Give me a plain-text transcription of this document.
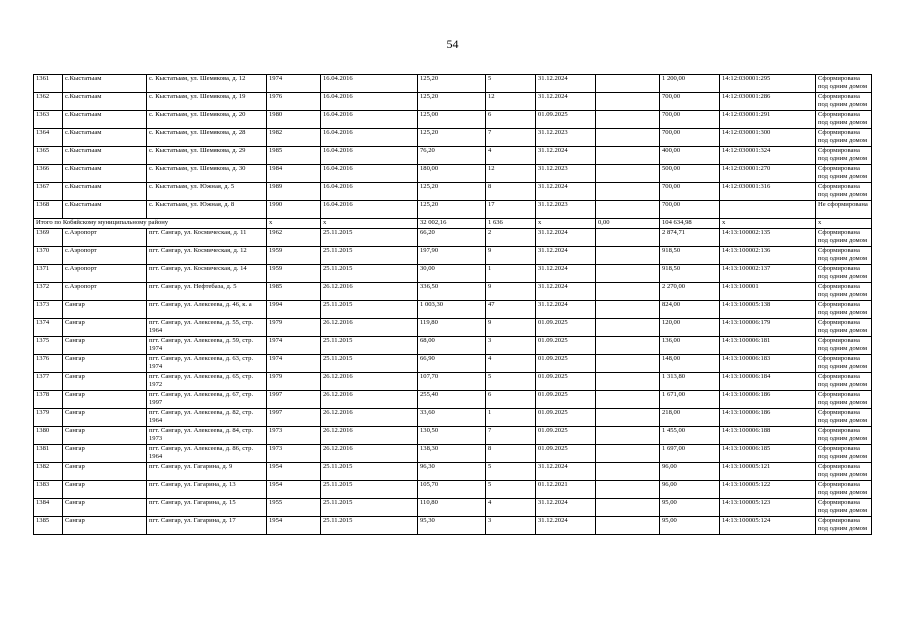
54
1361	с.Кыстатыам	с. Кыстатыам, ул. Шемякова, д. 12	1974	16.04.2016	125,20	5	31.12.2024		1 200,00	14:12:030001:295	Сформирована под одним домом
1362	с.Кыстатыам	с. Кыстатыам, ул. Шемякова, д. 19	1976	16.04.2016	125,20	12	31.12.2024		700,00	14:12:030001:286	Сформирована под одним домом
1363	с.Кыстатыам	с. Кыстатыам, ул. Шемякова, д. 20	1980	16.04.2016	125,00	6	01.09.2025		700,00	14:12:030001:291	Сформирована под одним домом
1364	с.Кыстатыам	с. Кыстатыам, ул. Шемякова, д. 28	1982	16.04.2016	125,20	7	31.12.2023		700,00	14:12:030001:300	Сформирована под одним домом
1365	с.Кыстатыам	с. Кыстатыам, ул. Шемякова, д. 29	1985	16.04.2016	76,20	4	31.12.2024		400,00	14:12:030001:324	Сформирована под одним домом
1366	с.Кыстатыам	с. Кыстатыам, ул. Шемякова, д. 30	1984	16.04.2016	180,00	12	31.12.2023		500,00	14:12:030001:270	Сформирована под одним домом
1367	с.Кыстатыам	с. Кыстатыам, ул. Южная, д. 5	1989	16.04.2016	125,20	8	31.12.2024		700,00	14:12:030001:316	Сформирована под одним домом
1368	с.Кыстатыам	с. Кыстатыам, ул. Южная, д. 8	1990	16.04.2016	125,20	17	31.12.2023		700,00		Не сформирована
Итого по Кобяйскому муниципальному району			x	x	32 002,16	1 636	x	0,00	104 634,98	x	x
1369	с.Аэропорт	пгт. Сангар, ул. Космическая, д. 11	1962	25.11.2015	66,20	2	31.12.2024		2 874,71	14:13:100002:135	Сформирована под одним домом
1370	с.Аэропорт	пгт. Сангар, ул. Космическая, д. 12	1959	25.11.2015	197,90	9	31.12.2024		918,50	14:13:100002:136	Сформирована под одним домом
1371	с.Аэропорт	пгт. Сангар, ул. Космическая, д. 14	1959	25.11.2015	30,00	1	31.12.2024		918,50	14:13:100002:137	Сформирована под одним домом
1372	с.Аэропорт	пгт. Сангар, ул. Нефтебаза, д. 5	1985	26.12.2016	336,50	9	31.12.2024		2 270,00	14:13:100001	Сформирована под одним домом
1373	Сангар	пгт. Сангар, ул. Алексеева, д. 46, к. а	1994	25.11.2015	1 003,30	47	31.12.2024		824,00	14:13:100005:138	Сформирована под одним домом
1374	Сангар	пгт. Сангар, ул. Алексеева, д. 55, стр. 1964	1979	26.12.2016	119,80	9	01.09.2025		120,00	14:13:100006:179	Сформирована под одним домом
1375	Сангар	пгт. Сангар, ул. Алексеева, д. 59, стр. 1974	1974	25.11.2015	68,00	3	01.09.2025		136,00	14:13:100006:181	Сформирована под одним домом
1376	Сангар	пгт. Сангар, ул. Алексеева, д. 63, стр. 1974	1974	25.11.2015	66,90	4	01.09.2025		148,00	14:13:100006:183	Сформирована под одним домом
1377	Сангар	пгт. Сангар, ул. Алексеева, д. 65, стр. 1972	1979	26.12.2016	107,70	5	01.09.2025		1 313,80	14:13:100006:184	Сформирована под одним домом
1378	Сангар	пгт. Сангар, ул. Алексеева, д. 67, стр. 1997	1997	26.12.2016	255,40	6	01.09.2025		1 671,00	14:13:100006:186	Сформирована под одним домом
1379	Сангар	пгт. Сангар, ул. Алексеева, д. 82, стр. 1964	1997	26.12.2016	33,60	1	01.09.2025		218,00	14:13:100006:186	Сформирована под одним домом
1380	Сангар	пгт. Сангар, ул. Алексеева, д. 84, стр. 1973	1973	26.12.2016	130,50	7	01.09.2025		1 455,00	14:13:100006:188	Сформирована под одним домом
1381	Сангар	пгт. Сангар, ул. Алексеева, д. 86, стр. 1964	1973	26.12.2016	138,30	8	01.09.2025		1 697,00	14:13:100006:185	Сформирована под одним домом
1382	Сангар	пгт. Сангар, ул. Гагарина, д. 9	1954	25.11.2015	96,30	5	31.12.2024		96,00	14:13:100005:121	Сформирована под одним домом
1383	Сангар	пгт. Сангар, ул. Гагарина, д. 13	1954	25.11.2015	105,70	5	01.12.2021		96,00	14:13:100005:122	Сформирована под одним домом
1384	Сангар	пгт. Сангар, ул. Гагарина, д. 15	1955	25.11.2015	110,80	4	31.12.2024		95,00	14:13:100005:123	Сформирована под одним домом
1385	Сангар	пгт. Сангар, ул. Гагарина, д. 17	1954	25.11.2015	95,30	3	31.12.2024		95,00	14:13:100005:124	Сформирована под одним домом
